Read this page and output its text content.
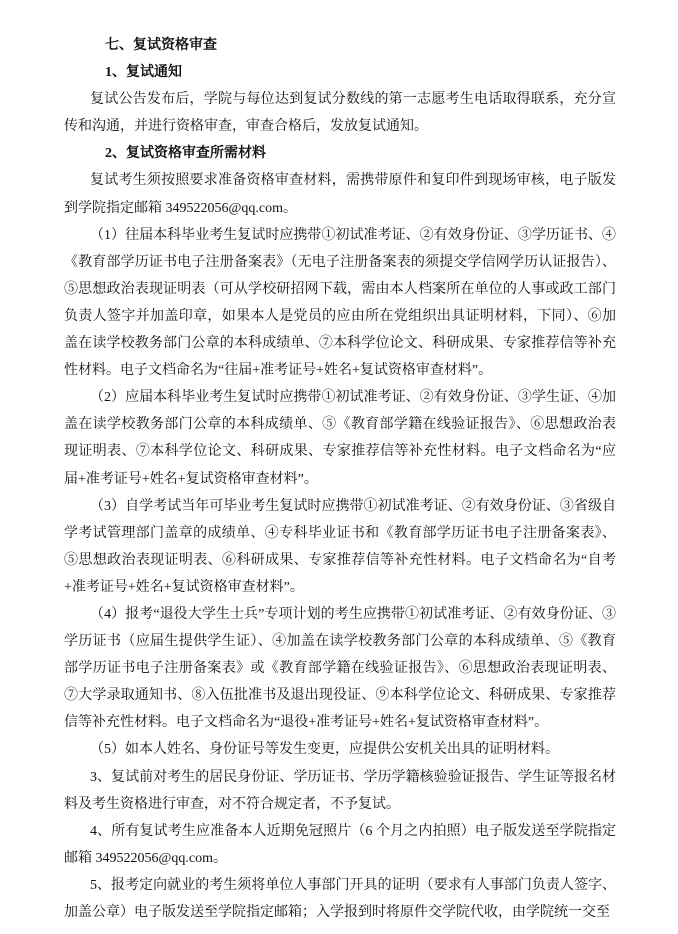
七、复试资格审查

1、复试通知

复试公告发布后，学院与每位达到复试分数线的第一志愿考生电话取得联系，充分宣传和沟通，并进行资格审查，审查合格后，发放复试通知。

2、复试资格审查所需材料

复试考生须按照要求准备资格审查材料，需携带原件和复印件到现场审核，电子版发到学院指定邮箱 349522056@qq.com。

（1）往届本科毕业考生复试时应携带①初试准考证、②有效身份证、③学历证书、④《教育部学历证书电子注册备案表》（无电子注册备案表的须提交学信网学历认证报告）、⑤思想政治表现证明表（可从学校研招网下载，需由本人档案所在单位的人事或政工部门负责人签字并加盖印章，如果本人是党员的应由所在党组织出具证明材料，下同）、⑥加盖在读学校教务部门公章的本科成绩单、⑦本科学位论文、科研成果、专家推荐信等补充性材料。电子文档命名为“往届+准考证号+姓名+复试资格审查材料”。

（2）应届本科毕业考生复试时应携带①初试准考证、②有效身份证、③学生证、④加盖在读学校教务部门公章的本科成绩单、⑤《教育部学籍在线验证报告》、⑥思想政治表现证明表、⑦本科学位论文、科研成果、专家推荐信等补充性材料。电子文档命名为“应届+准考证号+姓名+复试资格审查材料”。

（3）自学考试当年可毕业考生复试时应携带①初试准考证、②有效身份证、③省级自学考试管理部门盖章的成绩单、④专科毕业证书和《教育部学历证书电子注册备案表》、⑤思想政治表现证明表、⑥科研成果、专家推荐信等补充性材料。电子文档命名为“自考+准考证号+姓名+复试资格审查材料”。

（4）报考“退役大学生士兵”专项计划的考生应携带①初试准考证、②有效身份证、③学历证书（应届生提供学生证）、④加盖在读学校教务部门公章的本科成绩单、⑤《教育部学历证书电子注册备案表》或《教育部学籍在线验证报告》、⑥思想政治表现证明表、⑦大学录取通知书、⑧入伍批准书及退出现役证、⑨本科学位论文、科研成果、专家推荐信等补充性材料。电子文档命名为“退役+准考证号+姓名+复试资格审查材料”。

（5）如本人姓名、身份证号等发生变更，应提供公安机关出具的证明材料。

3、复试前对考生的居民身份证、学历证书、学历学籍核验验证报告、学生证等报名材料及考生资格进行审查，对不符合规定者，不予复试。

4、所有复试考生应准备本人近期免冠照片（6 个月之内拍照）电子版发送至学院指定邮箱 349522056@qq.com。

5、报考定向就业的考生须将单位人事部门开具的证明（要求有人事部门负责人签字、加盖公章）电子版发送至学院指定邮箱；入学报到时将原件交学院代收，由学院统一交至
